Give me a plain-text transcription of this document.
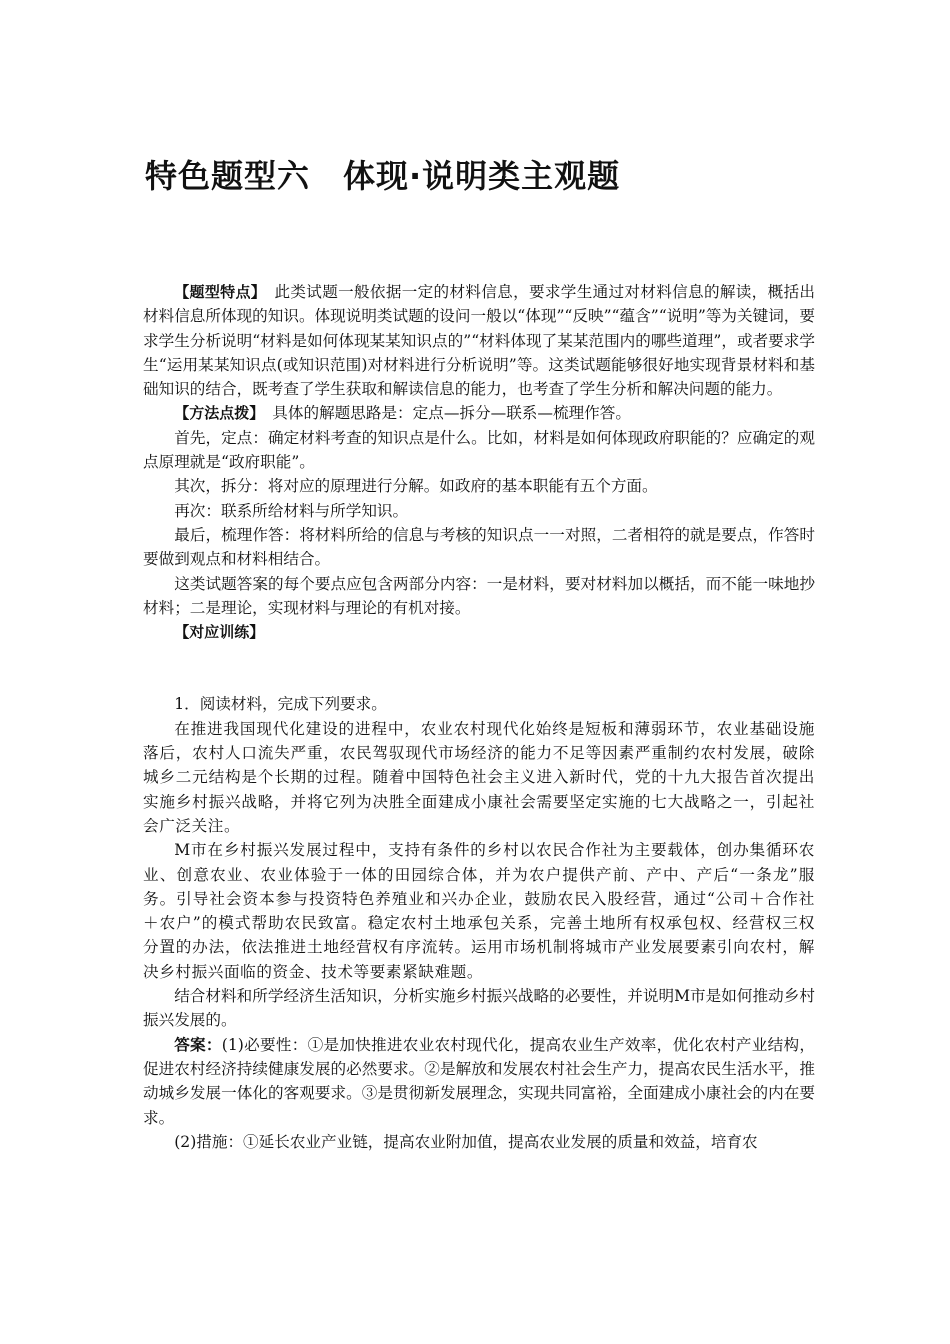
特色题型六　体现·说明类主观题

【题型特点】　此类试题一般依据一定的材料信息，要求学生通过对材料信息的解读，概括出材料信息所体现的知识。体现说明类试题的设问一般以“体现”“反映”“蕴含”“说明”等为关键词，要求学生分析说明“材料是如何体现某某知识点的”“材料体现了某某范围内的哪些道理”，或者要求学生“运用某某知识点(或知识范围)对材料进行分析说明”等。这类试题能够很好地实现背景材料和基础知识的结合，既考查了学生获取和解读信息的能力，也考查了学生分析和解决问题的能力。

【方法点拨】　具体的解题思路是：定点—拆分—联系—梳理作答。

首先，定点：确定材料考查的知识点是什么。比如，材料是如何体现政府职能的？应确定的观点原理就是“政府职能”。

其次，拆分：将对应的原理进行分解。如政府的基本职能有五个方面。

再次：联系所给材料与所学知识。

最后，梳理作答：将材料所给的信息与考核的知识点一一对照，二者相符的就是要点，作答时要做到观点和材料相结合。

这类试题答案的每个要点应包含两部分内容：一是材料，要对材料加以概括，而不能一味地抄材料；二是理论，实现材料与理论的有机对接。

【对应训练】

1．阅读材料，完成下列要求。

在推进我国现代化建设的进程中，农业农村现代化始终是短板和薄弱环节，农业基础设施落后，农村人口流失严重，农民驾驭现代市场经济的能力不足等因素严重制约农村发展，破除城乡二元结构是个长期的过程。随着中国特色社会主义进入新时代，党的十九大报告首次提出实施乡村振兴战略，并将它列为决胜全面建成小康社会需要坚定实施的七大战略之一，引起社会广泛关注。

M市在乡村振兴发展过程中，支持有条件的乡村以农民合作社为主要载体，创办集循环农业、创意农业、农业体验于一体的田园综合体，并为农户提供产前、产中、产后“一条龙”服务。引导社会资本参与投资特色养殖业和兴办企业，鼓励农民入股经营，通过“公司＋合作社＋农户”的模式帮助农民致富。稳定农村土地承包关系，完善土地所有权承包权、经营权三权分置的办法，依法推进土地经营权有序流转。运用市场机制将城市产业发展要素引向农村，解决乡村振兴面临的资金、技术等要素紧缺难题。

结合材料和所学经济生活知识，分析实施乡村振兴战略的必要性，并说明M市是如何推动乡村振兴发展的。

答案：(1)必要性：①是加快推进农业农村现代化，提高农业生产效率，优化农村产业结构，促进农村经济持续健康发展的必然要求。②是解放和发展农村社会生产力，提高农民生活水平，推动城乡发展一体化的客观要求。③是贯彻新发展理念，实现共同富裕，全面建成小康社会的内在要求。

(2)措施：①延长农业产业链，提高农业附加值，提高农业发展的质量和效益，培育农
